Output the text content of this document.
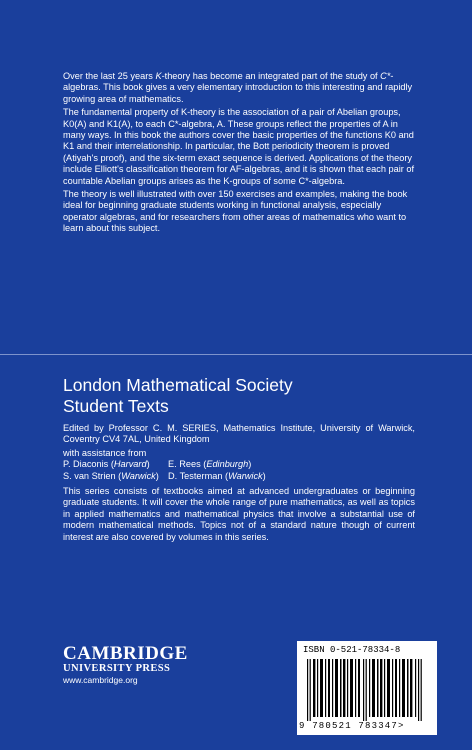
Over the last 25 years K-theory has become an integrated part of the study of C*-algebras. This book gives a very elementary introduction to this interesting and rapidly growing area of mathematics.

The fundamental property of K-theory is the association of a pair of Abelian groups, K0(A) and K1(A), to each C*-algebra, A. These groups reflect the properties of A in many ways. In this book the authors cover the basic properties of the functions K0 and K1 and their interrelationship. In particular, the Bott periodicity theorem is proved (Atiyah's proof), and the six-term exact sequence is derived. Applications of the theory include Elliott's classification theorem for AF-algebras, and it is shown that each pair of countable Abelian groups arises as the K-groups of some C*-algebra.

The theory is well illustrated with over 150 exercises and examples, making the book ideal for beginning graduate students working in functional analysis, especially operator algebras, and for researchers from other areas of mathematics who want to learn about this subject.

London Mathematical Society
Student Texts

Edited by Professor C. M. SERIES, Mathematics Institute, University of Warwick, Coventry CV4 7AL, United Kingdom

with assistance from

P. Diaconis (Harvard)	E. Rees (Edinburgh)
S. van Strien (Warwick) D. Testerman (Warwick)

This series consists of textbooks aimed at advanced undergraduates or beginning graduate students. It will cover the whole range of pure mathematics, as well as topics in applied mathematics and mathematical physics that involve a substantial use of modern mathematical methods. Topics not of a standard nature though of current interest are also covered by volumes in this series.

CAMBRIDGE
UNIVERSITY PRESS
www.cambridge.org
ISBN 0-521-78334-8
9 780521 783347>
